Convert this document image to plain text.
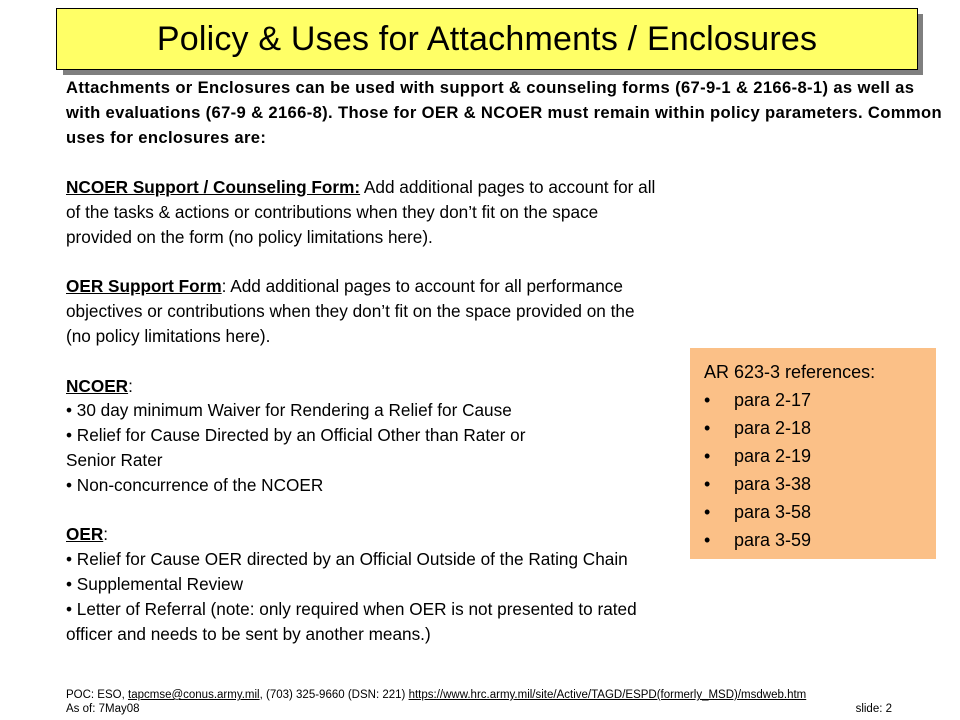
Policy & Uses for Attachments / Enclosures

Attachments or Enclosures can be used with support & counseling forms (67-9-1 & 2166-8-1) as well as with evaluations (67-9 & 2166-8). Those for OER & NCOER must remain within policy parameters. Common uses for enclosures are:

NCOER Support / Counseling Form: Add additional pages to account for all
of the tasks & actions or contributions when they don’t fit on the space
provided on the form (no policy limitations here).

OER Support Form: Add additional pages to account for all performance
objectives or contributions when they don’t fit on the space provided on the
(no policy limitations here).

NCOER:
• 30 day minimum Waiver for Rendering a Relief for Cause
• Relief for Cause Directed by an Official Other than Rater or
Senior Rater
• Non-concurrence of the NCOER

OER:
• Relief for Cause OER directed by an Official Outside of the Rating Chain
• Supplemental Review
• Letter of Referral (note: only required when OER is not presented to rated
officer and needs to be sent by another means.)

AR 623-3 references:
•	para 2-17
•	para 2-18
•	para 2-19
•	para 3-38
•	para 3-58
•	para 3-59
POC: ESO, tapcmse@conus.army.mil, (703) 325-9660 (DSN: 221) https://www.hrc.army.mil/site/Active/TAGD/ESPD(formerly_MSD)/msdweb.htm
As of: 7May08	slide: 2
